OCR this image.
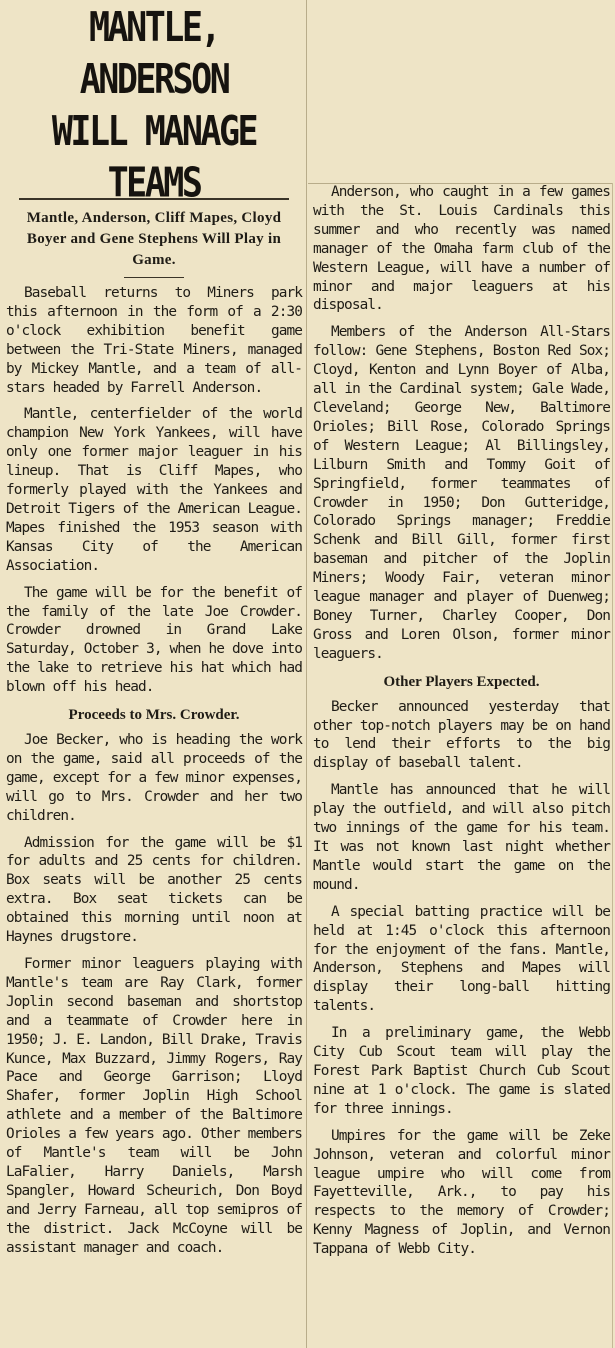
MANTLE, ANDERSON
WILL MANAGE TEAMS
Mantle, Anderson, Cliff Mapes, Cloyd Boyer and Gene Stephens Will Play in Game.

Baseball returns to Miners park this afternoon in the form of a 2:30 o'clock exhibition benefit game between the Tri-State Miners, managed by Mickey Mantle, and a team of all-stars headed by Farrell Anderson.

Mantle, centerfielder of the world champion New York Yankees, will have only one former major leaguer in his lineup. That is Cliff Mapes, who formerly played with the Yankees and Detroit Tigers of the American League. Mapes finished the 1953 season with Kansas City of the American Association.

The game will be for the benefit of the family of the late Joe Crowder. Crowder drowned in Grand Lake Saturday, October 3, when he dove into the lake to retrieve his hat which had blown off his head.

Proceeds to Mrs. Crowder.

Joe Becker, who is heading the work on the game, said all proceeds of the game, except for a few minor expenses, will go to Mrs. Crowder and her two children.

Admission for the game will be $1 for adults and 25 cents for children. Box seats will be another 25 cents extra. Box seat tickets can be obtained this morning until noon at Haynes drugstore.

Former minor leaguers playing with Mantle's team are Ray Clark, former Joplin second baseman and shortstop and a teammate of Crowder here in 1950; J. E. Landon, Bill Drake, Travis Kunce, Max Buzzard, Jimmy Rogers, Ray Pace and George Garrison; Lloyd Shafer, former Joplin High School athlete and a member of the Baltimore Orioles a few years ago. Other members of Mantle's team will be John LaFalier, Harry Daniels, Marsh Spangler, Howard Scheurich, Don Boyd and Jerry Farneau, all top semipros of the district. Jack McCoyne will be assistant manager and coach.

Anderson, who caught in a few games with the St. Louis Cardinals this summer and who recently was named manager of the Omaha farm club of the Western League, will have a number of minor and major leaguers at his disposal.

Members of the Anderson All-Stars follow: Gene Stephens, Boston Red Sox; Cloyd, Kenton and Lynn Boyer of Alba, all in the Cardinal system; Gale Wade, Cleveland; George New, Baltimore Orioles; Bill Rose, Colorado Springs of Western League; Al Billingsley, Lilburn Smith and Tommy Goit of Springfield, former teammates of Crowder in 1950; Don Gutteridge, Colorado Springs manager; Freddie Schenk and Bill Gill, former first baseman and pitcher of the Joplin Miners; Woody Fair, veteran minor league manager and player of Duenweg; Boney Turner, Charley Cooper, Don Gross and Loren Olson, former minor leaguers.

Other Players Expected.

Becker announced yesterday that other top-notch players may be on hand to lend their efforts to the big display of baseball talent.

Mantle has announced that he will play the outfield, and will also pitch two innings of the game for his team. It was not known last night whether Mantle would start the game on the mound.

A special batting practice will be held at 1:45 o'clock this afternoon for the enjoyment of the fans. Mantle, Anderson, Stephens and Mapes will display their long-ball hitting talents.

In a preliminary game, the Webb City Cub Scout team will play the Forest Park Baptist Church Cub Scout nine at 1 o'clock. The game is slated for three innings.

Umpires for the game will be Zeke Johnson, veteran and colorful minor league umpire who will come from Fayetteville, Ark., to pay his respects to the memory of Crowder; Kenny Magness of Joplin, and Vernon Tappana of Webb City.
